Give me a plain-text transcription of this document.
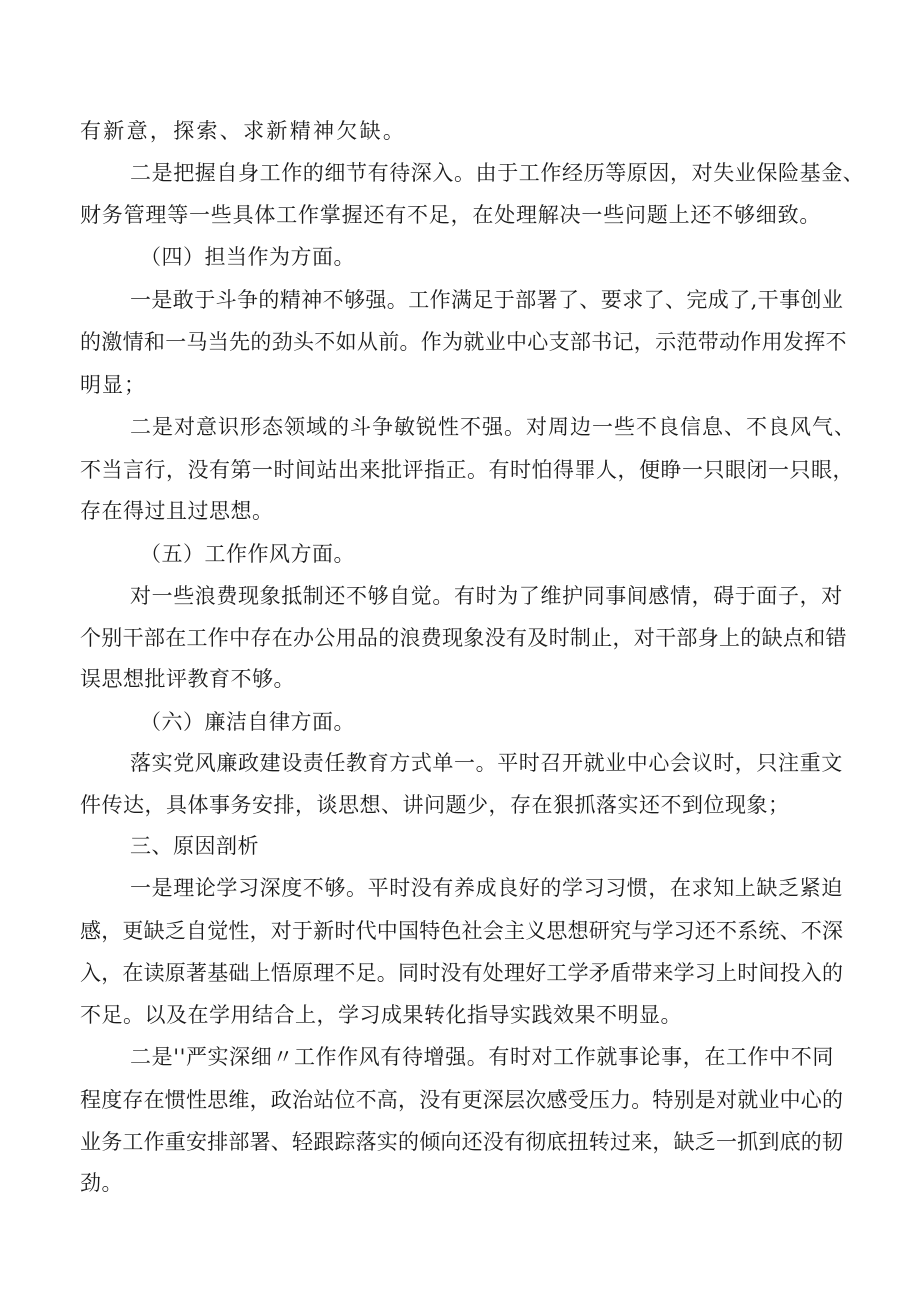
有新意，探索、求新精神欠缺。

二是把握自身工作的细节有待深入。由于工作经历等原因，对失业保险基金、

财务管理等一些具体工作掌握还有不足，在处理解决一些问题上还不够细致。

（四）担当作为方面。

一是敢于斗争的精神不够强。工作满足于部署了、要求了、完成了,干事创业

的激情和一马当先的劲头不如从前。作为就业中心支部书记，示范带动作用发挥不

明显；

二是对意识形态领域的斗争敏锐性不强。对周边一些不良信息、不良风气、

不当言行，没有第一时间站出来批评指正。有时怕得罪人，便睁一只眼闭一只眼，

存在得过且过思想。

（五）工作作风方面。

对一些浪费现象抵制还不够自觉。有时为了维护同事间感情，碍于面子，对

个别干部在工作中存在办公用品的浪费现象没有及时制止，对干部身上的缺点和错

误思想批评教育不够。

（六）廉洁自律方面。

落实党风廉政建设责任教育方式单一。平时召开就业中心会议时，只注重文

件传达，具体事务安排，谈思想、讲问题少，存在狠抓落实还不到位现象；

三、原因剖析

一是理论学习深度不够。平时没有养成良好的学习习惯，在求知上缺乏紧迫

感，更缺乏自觉性，对于新时代中国特色社会主义思想研究与学习还不系统、不深

入，在读原著基础上悟原理不足。同时没有处理好工学矛盾带来学习上时间投入的

不足。以及在学用结合上，学习成果转化指导实践效果不明显。

二是''严实深细〃工作作风有待增强。有时对工作就事论事，在工作中不同

程度存在惯性思维，政治站位不高，没有更深层次感受压力。特别是对就业中心的

业务工作重安排部署、轻跟踪落实的倾向还没有彻底扭转过来，缺乏一抓到底的韧

劲。
